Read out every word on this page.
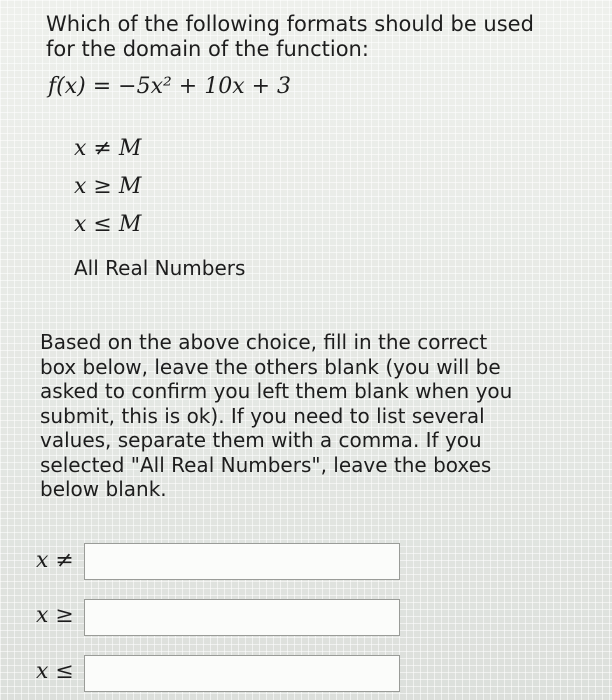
Which of the following formats should be used
for the domain of the function:
f(x) = −5x² + 10x + 3
x ≠ M
x ≥ M
x ≤ M
All Real Numbers
Based on the above choice, fill in the correct
box below, leave the others blank (you will be
asked to confirm you left them blank when you
submit, this is ok). If you need to list several
values, separate them with a comma. If you
selected "All Real Numbers", leave the boxes
below blank.
x ≠
x ≥
x ≤
